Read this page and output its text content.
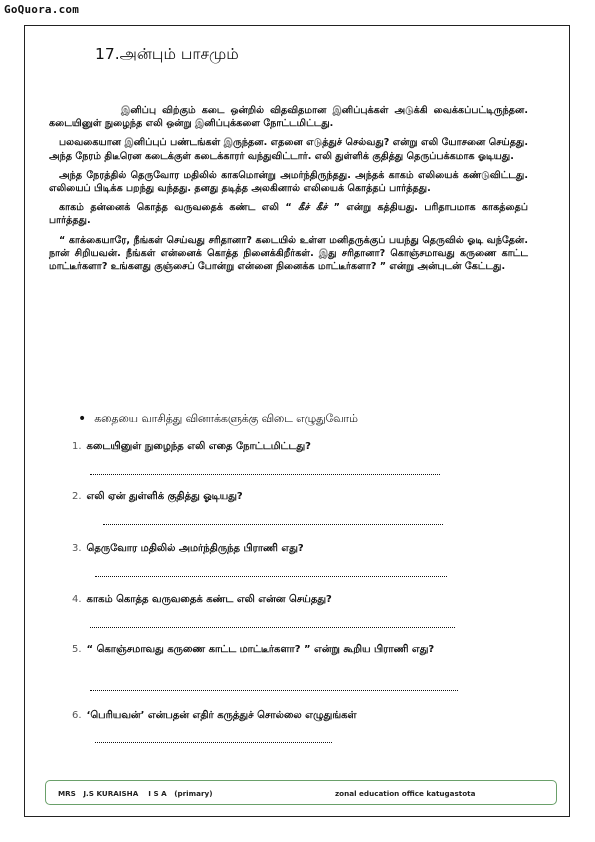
GoQuora.com
17.அன்பும் பாசமும்

இனிப்பு விற்கும் கடை ஒன்றில் விதவிதமான இனிப்புக்கள் அடுக்கி வைக்கப்பட்டிருந்தன. கடையினுள் நுழைந்த எலி ஒன்று இனிப்புக்களை நோட்டமிட்டது.

பலவகையான இனிப்புப் பண்டங்கள் இருந்தன. எதனை எடுத்துச் செல்வது? என்று எலி யோசனை செய்தது. அந்த நேரம் திடீரென கடைக்குள் கடைக்காரர் வந்துவிட்டார். எலி துள்ளிக் குதித்து தெருப்பக்கமாக ஓடியது.

அந்த நேரத்தில் தெருவோர மதிலில் காகமொன்று அமர்ந்திருந்தது. அந்தக் காகம் எலியைக் கண்டுவிட்டது. எலியைப் பிடிக்க பறந்து வந்தது. தனது தடித்த அலகினால் எலியைக் கொத்தப் பார்த்தது.

காகம் தன்னைக் கொத்த வருவதைக் கண்ட எலி “ கீச் கீச் ” என்று கத்தியது. பரிதாபமாக காகத்தைப் பார்த்தது.

“ காக்கையாரே, நீங்கள் செய்வது சரிதானா? கடையில் உள்ள மனிதருக்குப் பயந்து தெருவில் ஓடி வந்தேன். நான் சிறியவன். நீங்கள் என்னைக் கொத்த நினைக்கிறீர்கள். இது சரிதானா? கொஞ்சமாவது கருணை காட்ட மாட்டீர்களா? உங்களது குஞ்சைப் போன்று என்னை நினைக்க மாட்டீர்களா? ” என்று அன்புடன் கேட்டது.

• கதையை வாசித்து வினாக்களுக்கு விடை எழுதுவோம்
1. கடையினுள் நுழைந்த எலி எதை நோட்டமிட்டது?
2. எலி ஏன் துள்ளிக் குதித்து ஓடியது?
3. தெருவோர மதிலில் அமர்ந்திருந்த பிராணி எது?
4. காகம் கொத்த வருவதைக் கண்ட எலி என்ன செய்தது?
5. “ கொஞ்சமாவது கருணை காட்ட மாட்டீர்களா? ” என்று கூறிய பிராணி எது?
6. ‘பெரியவன்’ என்பதன் எதிர் கருத்துச் சொல்லை எழுதுங்கள்
MRS   J.S KURAISHA    I S A   (primary)	zonal education office katugastota
